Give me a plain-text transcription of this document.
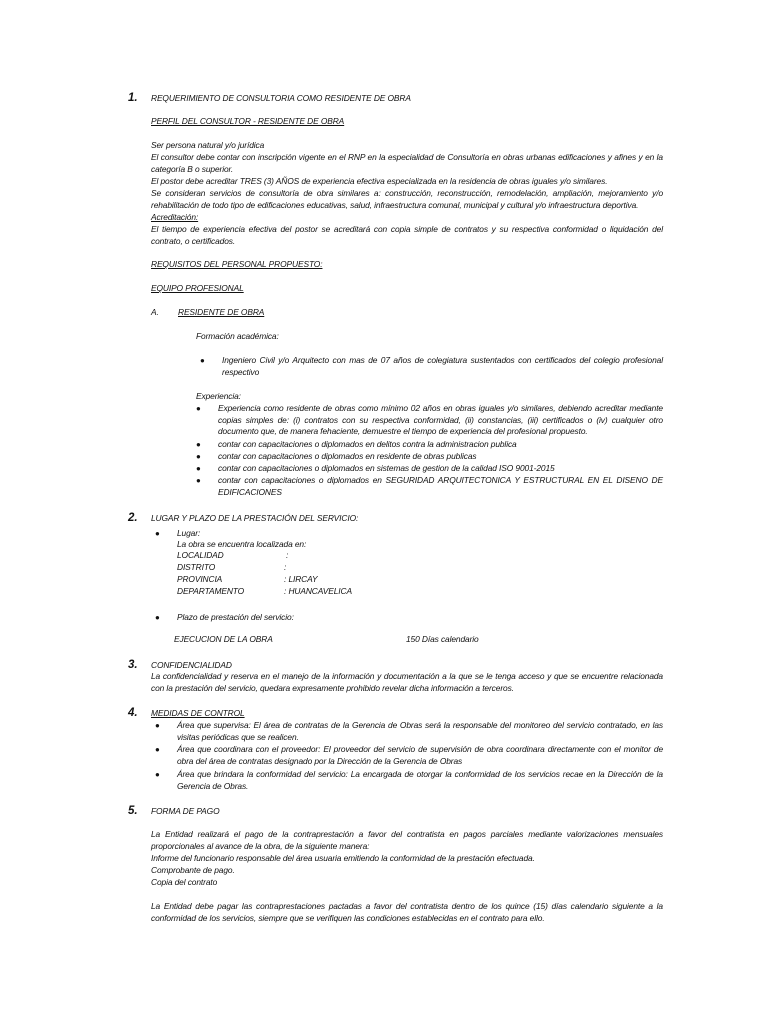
1. REQUERIMIENTO DE CONSULTORIA COMO RESIDENTE DE OBRA
PERFIL DEL CONSULTOR - RESIDENTE DE OBRA
Ser persona natural y/o jurídica
El consultor debe contar con inscripción vigente en el RNP en la especialidad de Consultoría en obras urbanas edificaciones y afines y en la categoría B o superior.
El postor debe acreditar TRES (3) AÑOS de experiencia efectiva especializada en la residencia de obras iguales y/o similares.
Se consideran servicios de consultoría de obra similares a: construcción, reconstrucción, remodelación, ampliación, mejoramiento y/o rehabilitación de todo tipo de edificaciones educativas, salud, infraestructura comunal, municipal y cultural y/o infraestructura deportiva.
Acreditación:
El tiempo de experiencia efectiva del postor se acreditará con copia simple de contratos y su respectiva conformidad o liquidación del contrato, o certificados.
REQUISITOS DEL PERSONAL PROPUESTO:
EQUIPO PROFESIONAL
A. RESIDENTE DE OBRA
Formación académica:
● Ingeniero Civil y/o Arquitecto con mas de 07 años de colegiatura sustentados con certificados del colegio profesional respectivo
Experiencia:
● Experiencia como residente de obras como mínimo 02 años en obras iguales y/o similares, debiendo acreditar mediante copias simples de: (i) contratos con su respectiva conformidad, (ii) constancias, (iii) certificados o (iv) cualquier otro documento que, de manera fehaciente, demuestre el tiempo de experiencia del profesional propuesto.
● contar con capacitaciones o diplomados en delitos contra la administracion publica
● contar con capacitaciones o diplomados en residente de obras publicas
● contar con capacitaciones o diplomados en sistemas de gestion de la calidad ISO 9001-2015
● contar con capacitaciones o diplomados en SEGURIDAD ARQUITECTONICA Y ESTRUCTURAL EN EL DISENO DE EDIFICACIONES
2. LUGAR Y PLAZO DE LA PRESTACIÓN DEL SERVICIO:
● Lugar:
La obra se encuentra localizada en:
LOCALIDAD	:
DISTRITO	:
PROVINCIA	: LIRCAY
DEPARTAMENTO	: HUANCAVELICA
● Plazo de prestación del servicio:
EJECUCION DE LA OBRA	150 Días calendario
3. CONFIDENCIALIDAD
La confidencialidad y reserva en el manejo de la información y documentación a la que se le tenga acceso y que se encuentre relacionada con la prestación del servicio, quedara expresamente prohibido revelar dicha información a terceros.
4. MEDIDAS DE CONTROL
● Área que supervisa: El área de contratas de la Gerencia de Obras será la responsable del monitoreo del servicio contratado, en las visitas periódicas que se realicen.
● Área que coordinara con el proveedor: El proveedor del servicio de supervisión de obra coordinara directamente con el monitor de obra del área de contratas designado por la Dirección de la Gerencia de Obras
● Área que brindara la conformidad del servicio: La encargada de otorgar la conformidad de los servicios recae en la Dirección de la Gerencia de Obras.
5. FORMA DE PAGO
La Entidad realizará el pago de la contraprestación a favor del contratista en pagos parciales mediante valorizaciones mensuales proporcionales al avance de la obra, de la siguiente manera:
Informe del funcionario responsable del área usuaria emitiendo la conformidad de la prestación efectuada.
Comprobante de pago.
Copia del contrato
La Entidad debe pagar las contraprestaciones pactadas a favor del contratista dentro de los quince (15) días calendario siguiente a la conformidad de los servicios, siempre que se verifiquen las condiciones establecidas en el contrato para ello.
